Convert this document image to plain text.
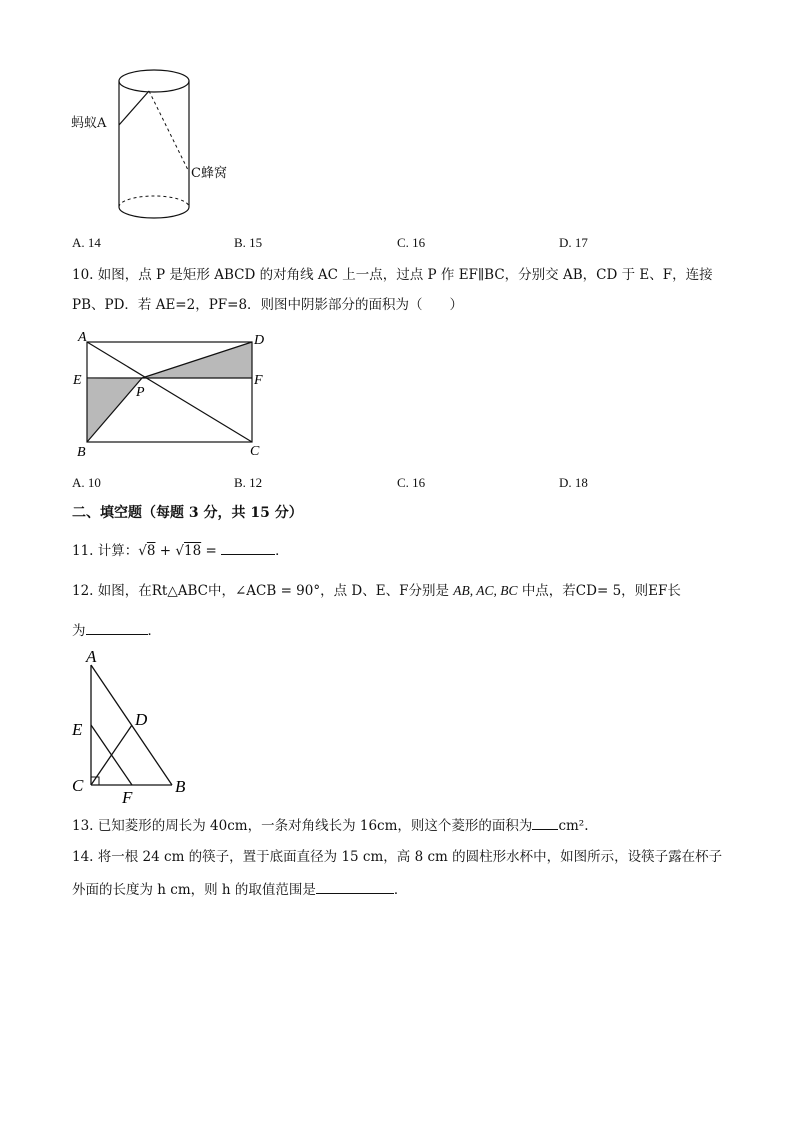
蚂蚁A
C蜂窝
A. 14	B. 15	C. 16	D. 17
10. 如图，点 P 是矩形 ABCD 的对角线 AC 上一点，过点 P 作 EF∥BC，分别交 AB，CD 于 E、F，连接
PB、PD．若 AE=2，PF=8．则图中阴影部分的面积为（　　）
A	D
E	F
P
B	C
A. 10	B. 12	C. 16	D. 18
二、填空题（每题 3 分，共 15 分）
11. 计算：√8 + √18 =	．
12. 如图，在Rt△ABC中，∠ACB = 90°，点 D、E、F分别是 AB, AC, BC 中点，若CD= 5，则EF长
为	．
A
D
E
C
F
B
13. 已知菱形的周长为 40cm，一条对角线长为 16cm，则这个菱形的面积为 cm².
14. 将一根 24 cm 的筷子，置于底面直径为 15 cm，高 8 cm 的圆柱形水杯中，如图所示，设筷子露在杯子
外面的长度为 h cm，则 h 的取值范围是	．
